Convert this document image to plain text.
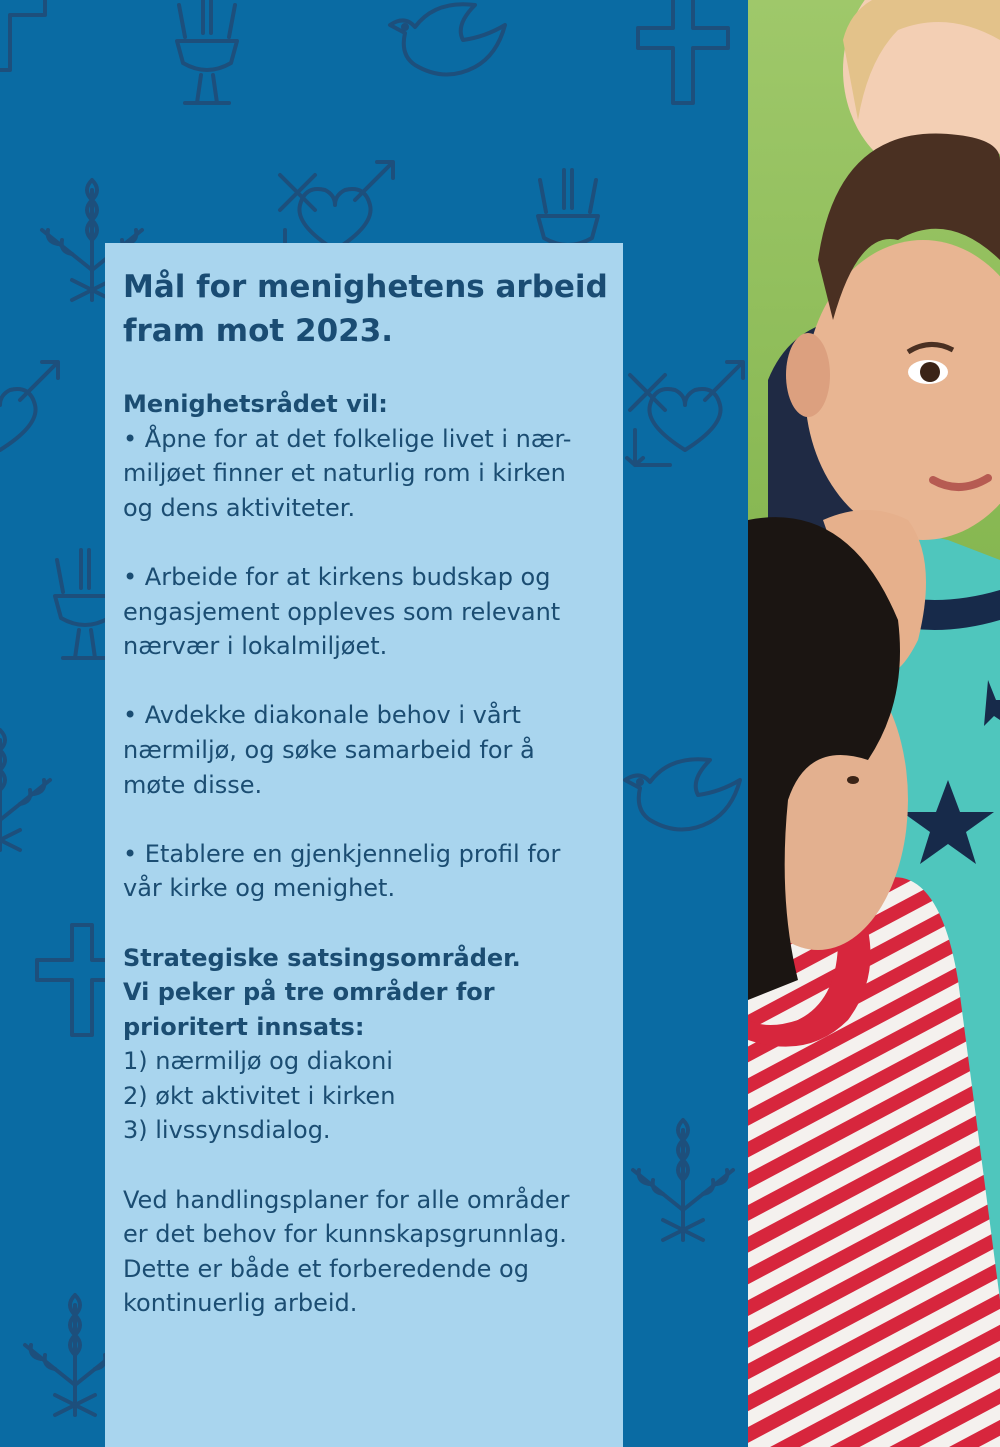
Mål for menighetens arbeid
fram mot 2023.
Menighetsrådet vil:
• Åpne for at det folkelige livet i nær-
miljøet finner et naturlig rom i kirken
og dens aktiviteter.
• Arbeide for at kirkens budskap og
engasjement oppleves som relevant
nærvær i lokalmiljøet.
• Avdekke diakonale behov i vårt
nærmiljø, og søke samarbeid for å
møte disse.
• Etablere en gjenkjennelig profil for
vår kirke og menighet.
Strategiske satsingsområder.
Vi peker på tre områder for
prioritert innsats:
1) nærmiljø og diakoni
2) økt aktivitet i kirken
3) livssynsdialog.
Ved handlingsplaner for alle områder
er det behov for kunnskapsgrunnlag.
Dette er både et forberedende og
kontinuerlig arbeid.
